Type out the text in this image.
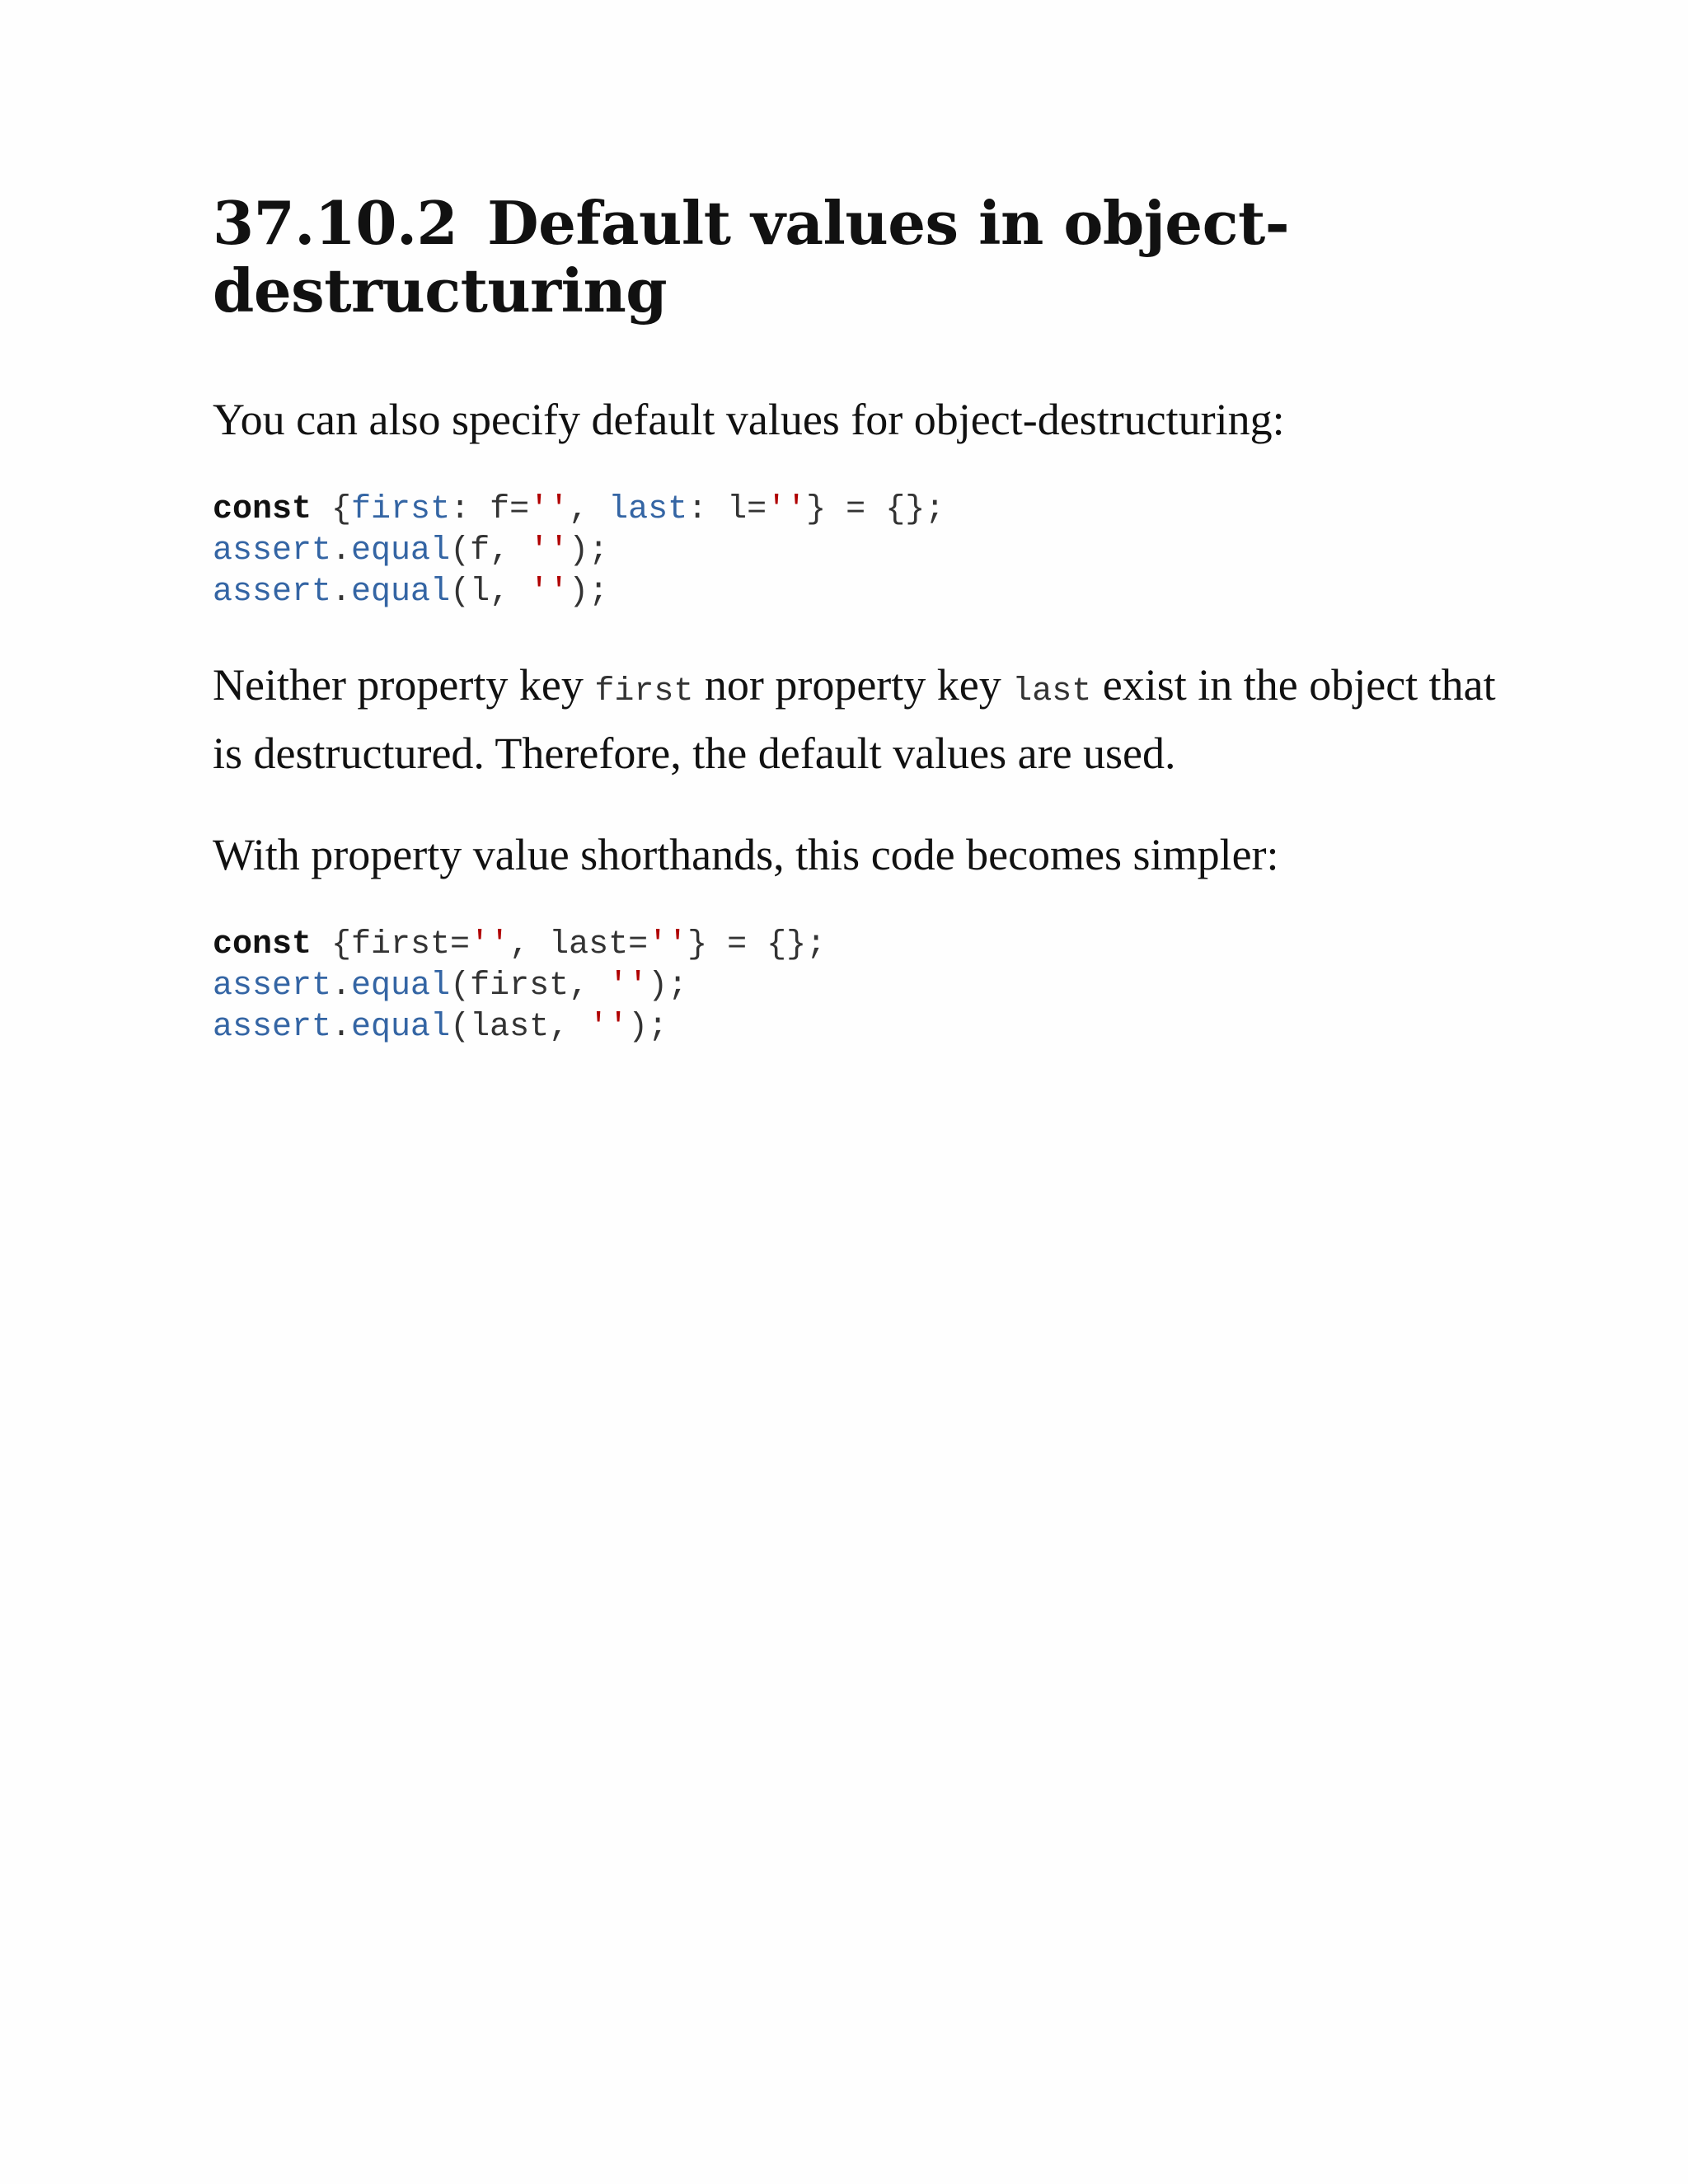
37.10.2 Default values in object-
destructuring

You can also specify default values for object-destructuring:

const {first: f='', last: l=''} = {};
assert.equal(f, '');
assert.equal(l, '');

Neither property key first nor property key last exist in the object that is destructured. Therefore, the default values are used.

With property value shorthands, this code becomes simpler:

const {first='', last=''} = {};
assert.equal(first, '');
assert.equal(last, '');
